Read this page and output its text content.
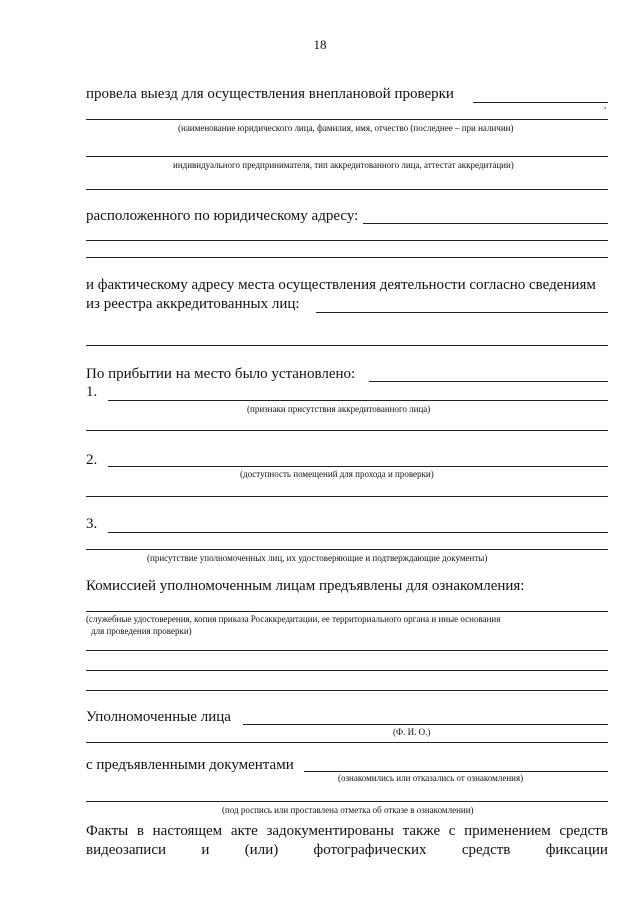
18
провела выезд для осуществления внеплановой проверки
,
(наименование юридического лица, фамилия, имя, отчество (последнее – при наличии)
индивидуального предпринимателя, тип аккредитованного лица, аттестат аккредитации)
расположенного по юридическому адресу:
и фактическому адресу места осуществления деятельности согласно сведениям
из реестра аккредитованных лиц:
По прибытии на место было установлено:
1.
(признаки присутствия аккредитованного лица)
2.
(доступность помещений для прохода и проверки)
3.
(присутствие уполномоченных лиц, их удостоверяющие и подтверждающие документы)
Комиссией уполномоченным лицам предъявлены для ознакомления:
(служебные удостоверения, копия приказа Росаккредитации, ее территориального органа и иные основания
для проведения проверки)
Уполномоченные лица
(Ф. И. О.)
с предъявленными документами
(ознакомились или отказались от ознакомления)
(под роспись или проставлена отметка об отказе в ознакомлении)
Факты в настоящем акте задокументированы также с применением средств
видеозаписи и (или) фотографических средств фиксации
